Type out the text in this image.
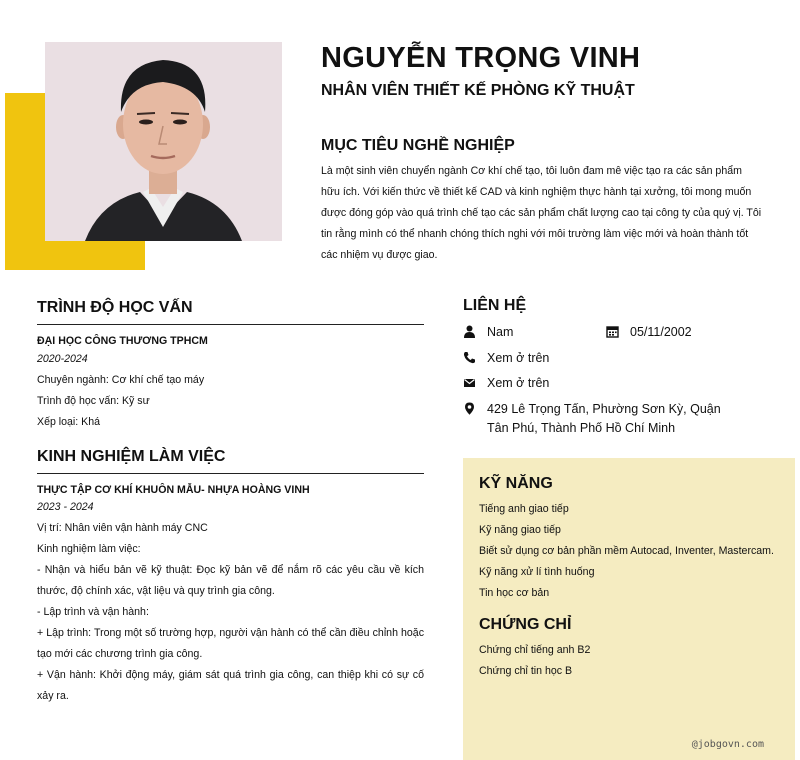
NGUYỄN TRỌNG VINH
NHÂN VIÊN THIẾT KẾ PHÒNG KỸ THUẬT
MỤC TIÊU NGHỀ NGHIỆP

Là một sinh viên chuyển ngành Cơ khí chế tạo, tôi luôn đam mê việc tạo ra các sản phẩm hữu ích. Với kiến thức về thiết kế CAD và kinh nghiệm thực hành tại xưởng, tôi mong muốn được đóng góp vào quá trình chế tạo các sản phẩm chất lượng cao tại công ty của quý vị. Tôi tin rằng mình có thể nhanh chóng thích nghi với môi trường làm việc mới và hoàn thành tốt các nhiệm vụ được giao.

TRÌNH ĐỘ HỌC VẤN

ĐẠI HỌC CÔNG THƯƠNG TPHCM

2020-2024

Chuyên ngành: Cơ khí chế tạo máy

Trình độ học vấn: Kỹ sư

Xếp loại: Khá

KINH NGHIỆM LÀM VIỆC

THỰC TẬP CƠ KHÍ KHUÔN MẪU- NHỰA HOÀNG VINH

2023 - 2024

Vị trí: Nhân viên vận hành máy CNC

Kinh nghiệm làm việc:

- Nhận và hiểu bản vẽ kỹ thuật: Đọc kỹ bản vẽ để nắm rõ các yêu cầu về kích thước, độ chính xác, vật liệu và quy trình gia công.

- Lập trình và vận hành:

+ Lập trình: Trong một số trường hợp, người vận hành có thể cần điều chỉnh hoặc tạo mới các chương trình gia công.

+ Vận hành: Khởi động máy, giám sát quá trình gia công, can thiệp khi có sự cố xảy ra.

LIÊN HỆ
Nam	05/11/2002
Xem ở trên
Xem ở trên
429 Lê Trọng Tấn, Phường Sơn Kỳ, Quận Tân Phú, Thành Phố Hồ Chí Minh

KỸ NĂNG

Tiếng anh giao tiếp

Kỹ năng giao tiếp

Biết sử dụng cơ bản phần mềm Autocad, Inventer, Mastercam.

Kỹ năng xử lí tình huống

Tin học cơ bản

CHỨNG CHỈ

Chứng chỉ tiếng anh B2

Chứng chỉ tin học B

@jobgovn.com
